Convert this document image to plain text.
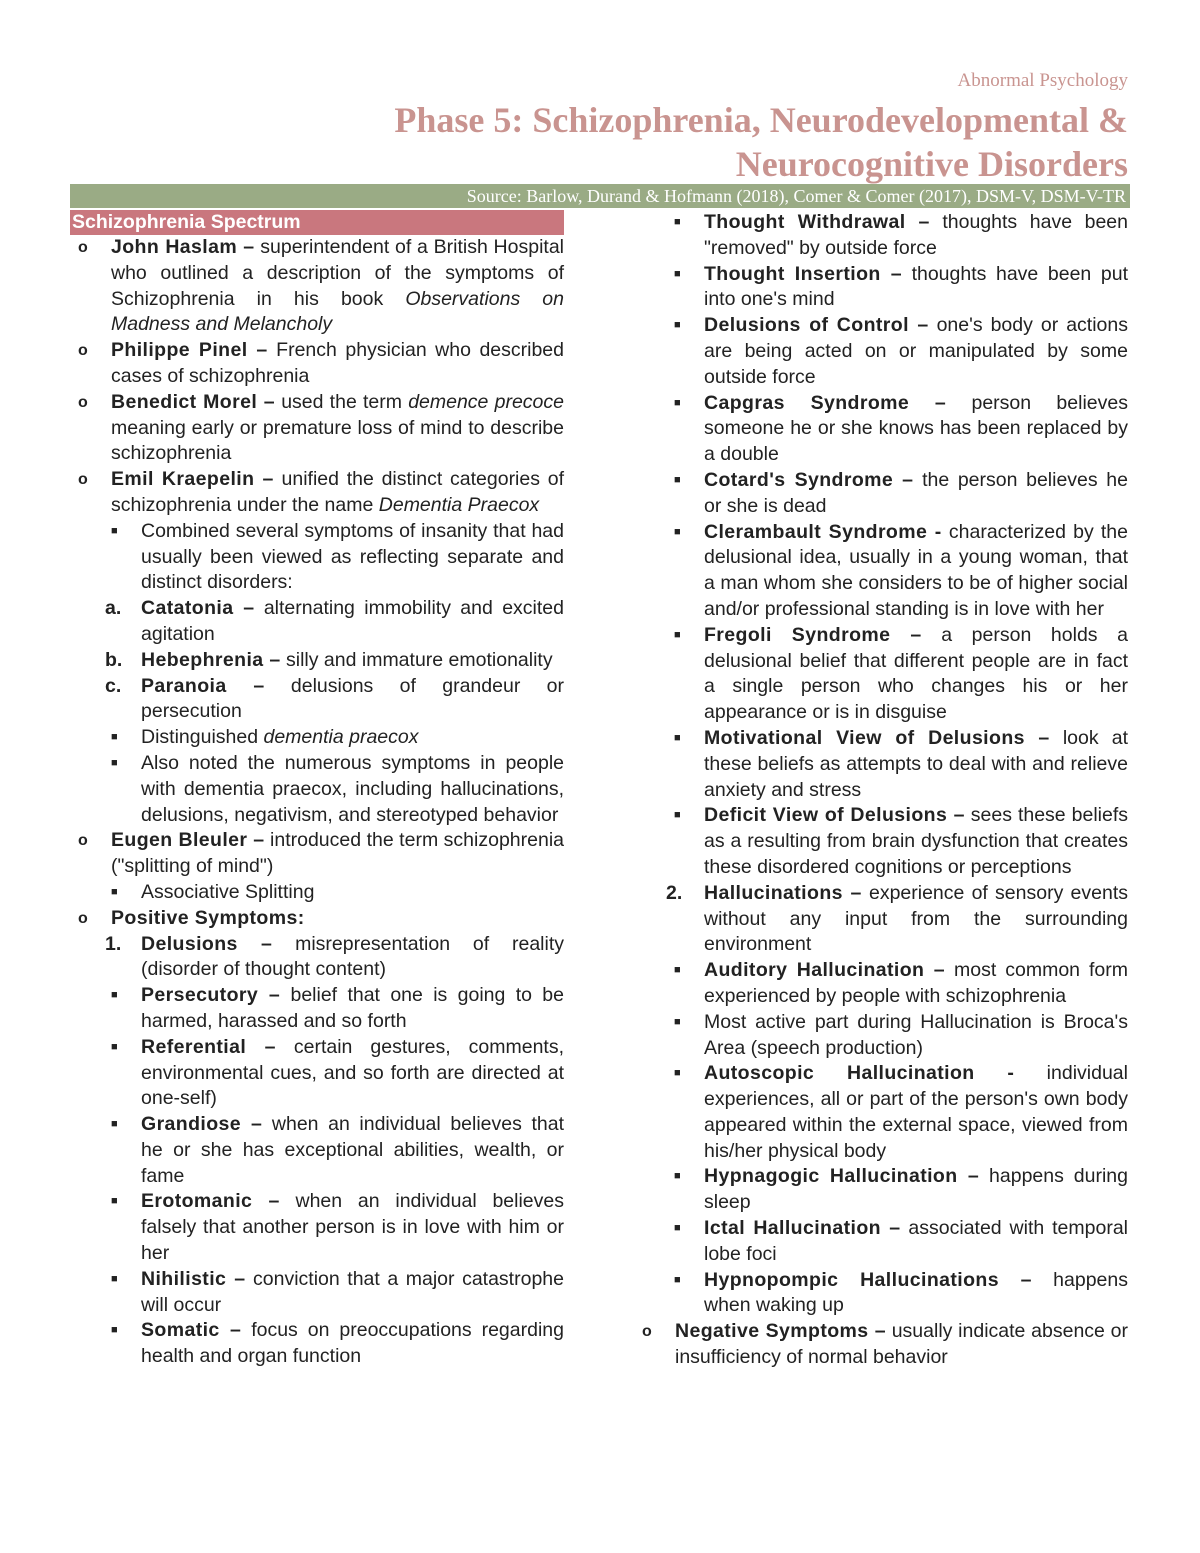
Abnormal Psychology
Phase 5: Schizophrenia, Neurodevelopmental & Neurocognitive Disorders
Source: Barlow, Durand & Hofmann (2018), Comer & Comer (2017), DSM-V, DSM-V-TR
Schizophrenia Spectrum
o John Haslam – superintendent of a British Hospital who outlined a description of the symptoms of Schizophrenia in his book Observations on Madness and Melancholy
o Philippe Pinel – French physician who described cases of schizophrenia
o Benedict Morel – used the term demence precoce meaning early or premature loss of mind to describe schizophrenia
o Emil Kraepelin – unified the distinct categories of schizophrenia under the name Dementia Praecox
■ Combined several symptoms of insanity that had usually been viewed as reflecting separate and distinct disorders:
a. Catatonia – alternating immobility and excited agitation
b. Hebephrenia – silly and immature emotionality
c. Paranoia – delusions of grandeur or persecution
■ Distinguished dementia praecox
■ Also noted the numerous symptoms in people with dementia praecox, including hallucinations, delusions, negativism, and stereotyped behavior
o Eugen Bleuler – introduced the term schizophrenia ("splitting of mind")
■ Associative Splitting
o Positive Symptoms:
1. Delusions – misrepresentation of reality (disorder of thought content)
■ Persecutory – belief that one is going to be harmed, harassed and so forth
■ Referential – certain gestures, comments, environmental cues, and so forth are directed at one-self)
■ Grandiose – when an individual believes that he or she has exceptional abilities, wealth, or fame
■ Erotomanic – when an individual believes falsely that another person is in love with him or her
■ Nihilistic – conviction that a major catastrophe will occur
■ Somatic – focus on preoccupations regarding health and organ function
■ Thought Withdrawal – thoughts have been "removed" by outside force
■ Thought Insertion – thoughts have been put into one's mind
■ Delusions of Control – one's body or actions are being acted on or manipulated by some outside force
■ Capgras Syndrome – person believes someone he or she knows has been replaced by a double
■ Cotard's Syndrome – the person believes he or she is dead
■ Clerambault Syndrome - characterized by the delusional idea, usually in a young woman, that a man whom she considers to be of higher social and/or professional standing is in love with her
■ Fregoli Syndrome – a person holds a delusional belief that different people are in fact a single person who changes his or her appearance or is in disguise
■ Motivational View of Delusions – look at these beliefs as attempts to deal with and relieve anxiety and stress
■ Deficit View of Delusions – sees these beliefs as a resulting from brain dysfunction that creates these disordered cognitions or perceptions
2. Hallucinations – experience of sensory events without any input from the surrounding environment
■ Auditory Hallucination – most common form experienced by people with schizophrenia
■ Most active part during Hallucination is Broca's Area (speech production)
■ Autoscopic Hallucination - individual experiences, all or part of the person's own body appeared within the external space, viewed from his/her physical body
■ Hypnagogic Hallucination – happens during sleep
■ Ictal Hallucination – associated with temporal lobe foci
■ Hypnopompic Hallucinations – happens when waking up
o Negative Symptoms – usually indicate absence or insufficiency of normal behavior
